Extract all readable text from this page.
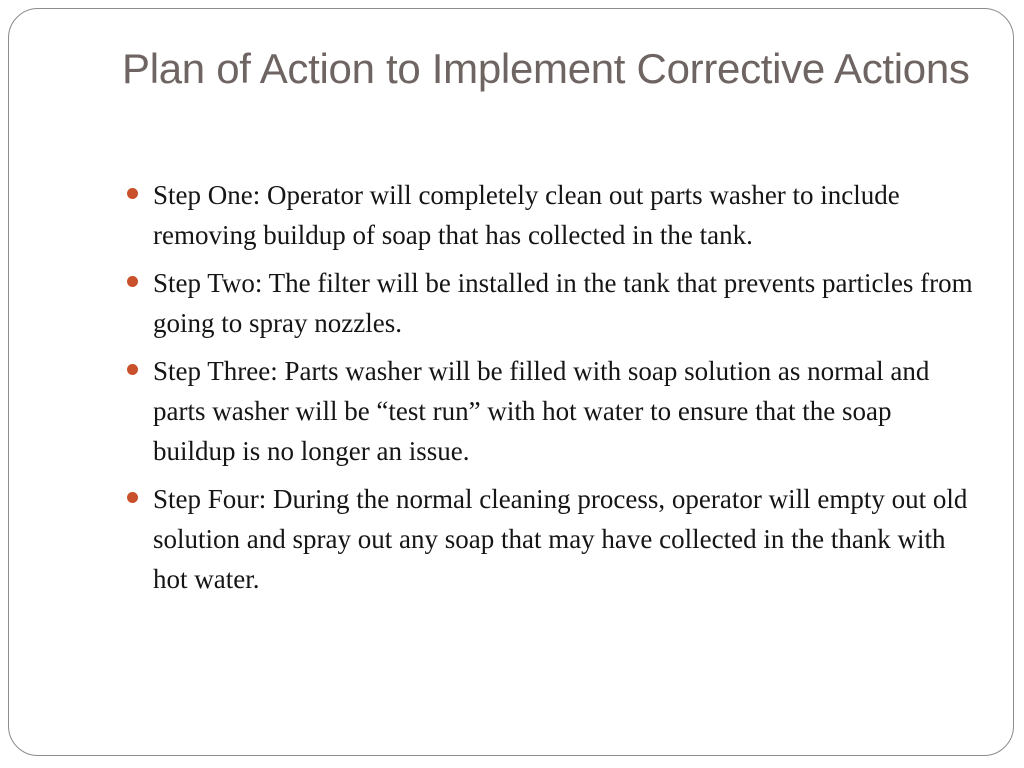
Plan of Action to Implement Corrective Actions
Step One: Operator will completely clean out parts washer to include removing buildup of soap that has collected in the tank.
Step Two: The filter will be installed in the tank that prevents particles from going to spray nozzles.
Step Three: Parts washer will be filled with soap solution as normal and parts washer will be “test run” with hot water to ensure that the soap buildup is no longer an issue.
Step Four: During the normal cleaning process, operator will empty out old solution and spray out any soap that may have collected in the thank with hot water.
